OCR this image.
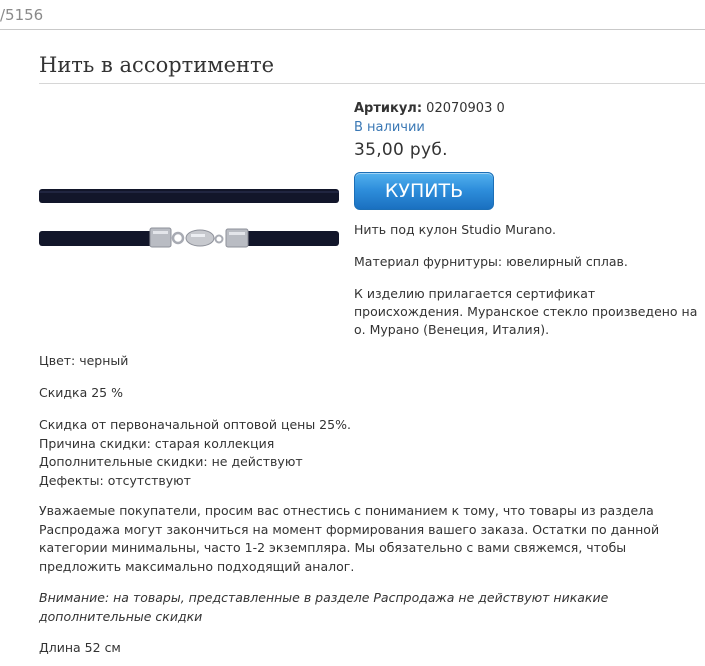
/5156
Нить в ассортименте
Артикул: 02070903 0
В наличии
35,00 руб.
КУПИТЬ
Нить под кулон Studio Murano.
Материал фурнитуры: ювелирный сплав.
К изделию прилагается сертификат происхождения. Муранское стекло произведено на о. Мурано (Венеция, Италия).
Цвет: черный
Скидка 25 %
Скидка от первоначальной оптовой цены 25%.
Причина скидки: старая коллекция
Дополнительные скидки: не действуют
Дефекты: отсутствуют
Уважаемые покупатели, просим вас отнестись с пониманием к тому, что товары из раздела Распродажа могут закончиться на момент формирования вашего заказа. Остатки по данной категории минимальны, часто 1-2 экземпляра. Мы обязательно с вами свяжемся, чтобы предложить максимально подходящий аналог.
Внимание: на товары, представленные в разделе Распродажа не действуют никакие дополнительные скидки
Длина 52 см
